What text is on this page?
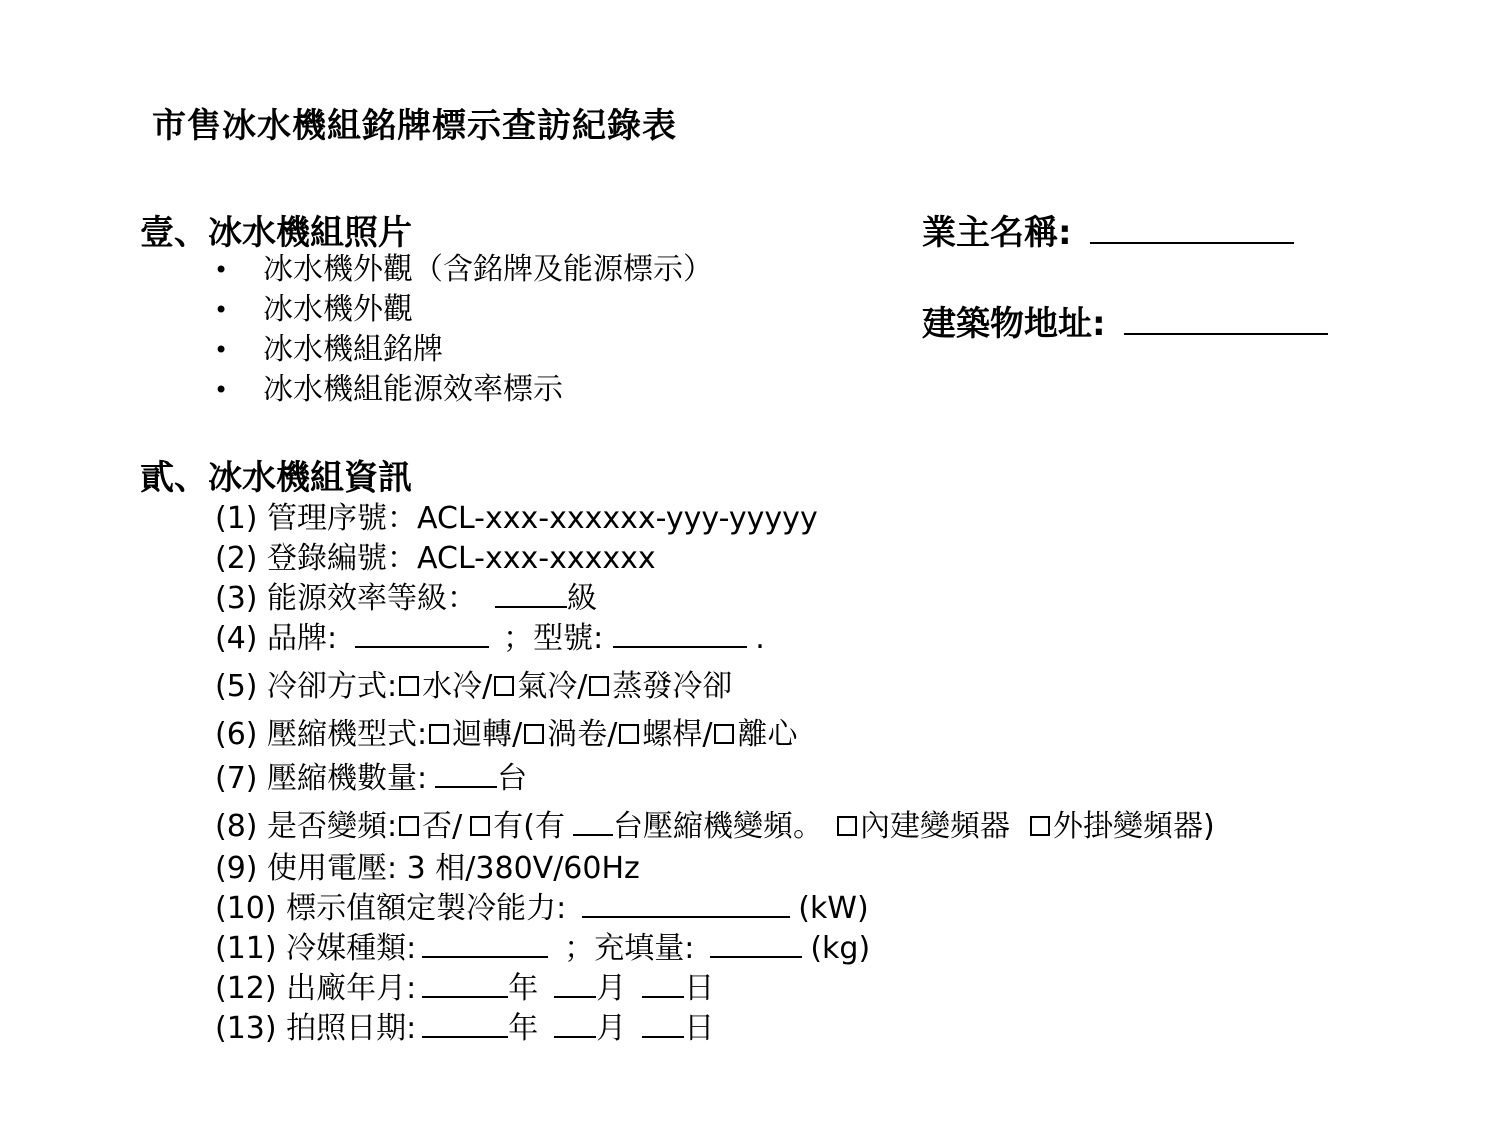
市售冰水機組銘牌標示查訪紀錄表
壹、冰水機組照片
• 冰水機外觀（含銘牌及能源標示）
• 冰水機外觀
• 冰水機組銘牌
• 冰水機組能源效率標示
業主名稱:
建築物地址:
貳、冰水機組資訊
(1) 管理序號：ACL-xxx-xxxxxx-yyy-yyyyy
(2) 登錄編號：ACL-xxx-xxxxxx
(3) 能源效率等級：	級
(4) 品牌:	；型號:	.
(5) 冷卻方式: 水冷/ 氣冷/ 蒸發冷卻
(6) 壓縮機型式: 迴轉/ 渦卷/ 螺桿/ 離心
(7) 壓縮機數量: 台
(8) 是否變頻: 否/ 有(有 台壓縮機變頻。 內建變頻器 外掛變頻器)
(9) 使用電壓: 3 相/380V/60Hz
(10) 標示值額定製冷能力:	(kW)
(11) 冷媒種類:	；充填量:	(kg)
(12) 出廠年月:	年 月 日
(13) 拍照日期:	年 月 日
